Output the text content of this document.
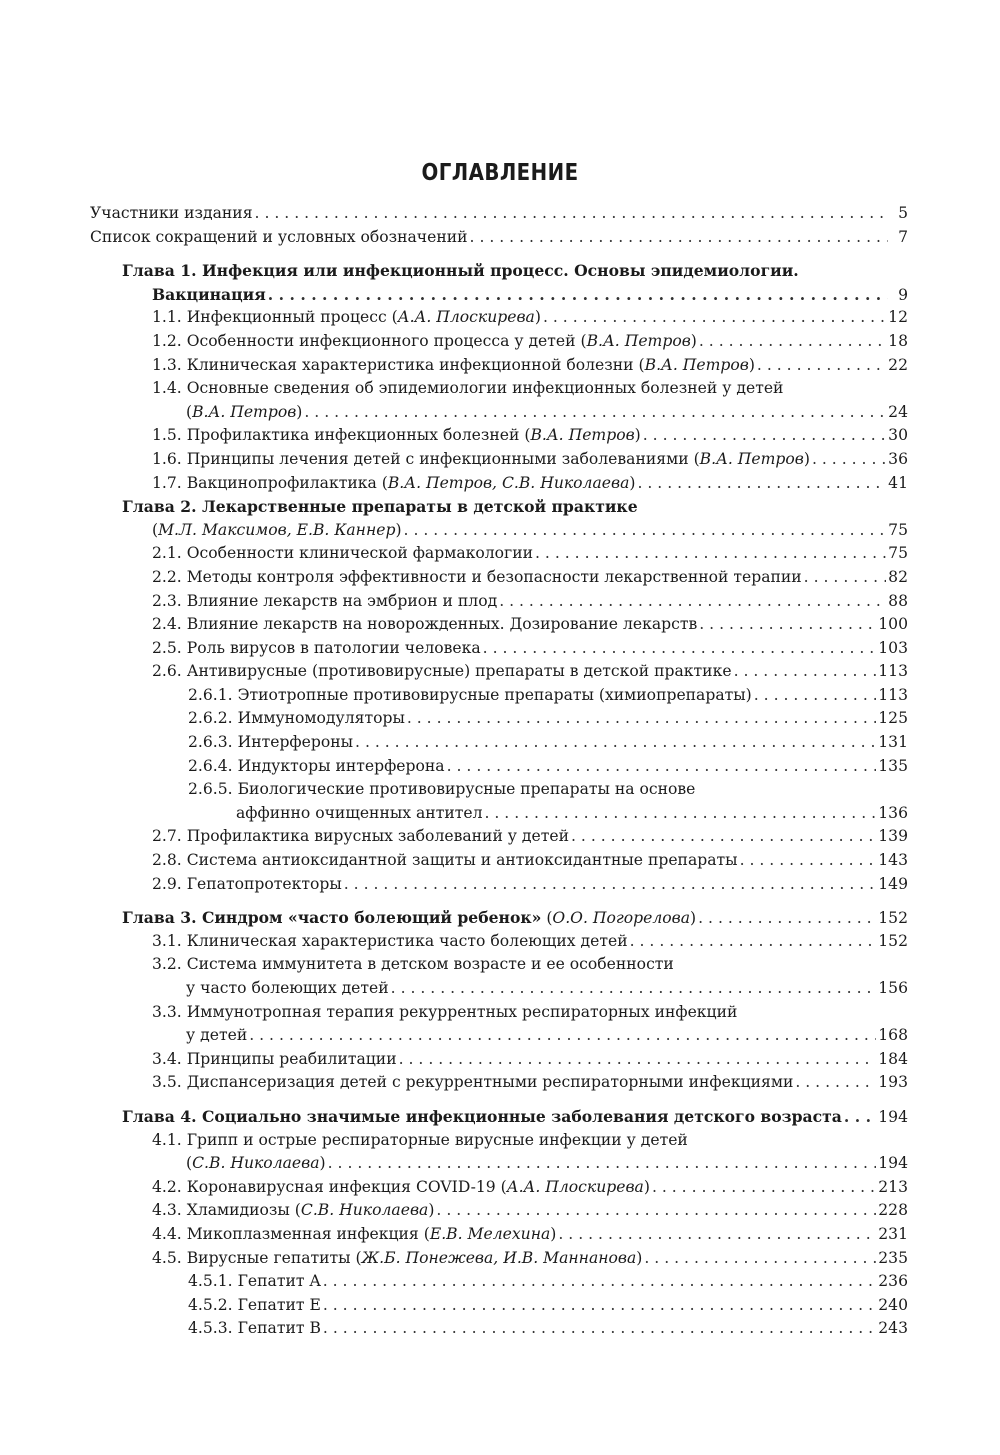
ОГЛАВЛЕНИЕ
Участники издания . . .	5
Список сокращений и условных обозначений . . .	7
Глава 1. Инфекция или инфекционный процесс. Основы эпидемиологии.
Вакцинация . . .	9
1.1. Инфекционный процесс (А.А. Плоскирева) . . .	12
1.2. Особенности инфекционного процесса у детей (В.А. Петров) . . .	18
1.3. Клиническая характеристика инфекционной болезни (В.А. Петров) . . .	22
1.4. Основные сведения об эпидемиологии инфекционных болезней у детей
(В.А. Петров) . . .	24
1.5. Профилактика инфекционных болезней (В.А. Петров) . . .	30
1.6. Принципы лечения детей с инфекционными заболеваниями (В.А. Петров) . . .	36
1.7. Вакцинопрофилактика (В.А. Петров, С.В. Николаева) . . .	41
Глава 2. Лекарственные препараты в детской практике
(М.Л. Максимов, Е.В. Каннер) . . .	75
2.1. Особенности клинической фармакологии . . .	75
2.2. Методы контроля эффективности и безопасности лекарственной терапии . . .	82
2.3. Влияние лекарств на эмбрион и плод . . .	88
2.4. Влияние лекарств на новорожденных. Дозирование лекарств . . .	100
2.5. Роль вирусов в патологии человека . . .	103
2.6. Антивирусные (противовирусные) препараты в детской практике . . .	113
2.6.1. Этиотропные противовирусные препараты (химиопрепараты) . . .	113
2.6.2. Иммуномодуляторы . . .	125
2.6.3. Интерфероны . . .	131
2.6.4. Индукторы интерферона . . .	135
2.6.5. Биологические противовирусные препараты на основе
аффинно очищенных антител . . .	136
2.7. Профилактика вирусных заболеваний у детей . . .	139
2.8. Система антиоксидантной защиты и антиоксидантные препараты . . .	143
2.9. Гепатопротекторы . . .	149
Глава 3. Синдром «часто болеющий ребенок» (О.О. Погорелова) . . .	152
3.1. Клиническая характеристика часто болеющих детей . . .	152
3.2. Система иммунитета в детском возрасте и ее особенности
у часто болеющих детей . . .	156
3.3. Иммунотропная терапия рекуррентных респираторных инфекций
у детей . . .	168
3.4. Принципы реабилитации . . .	184
3.5. Диспансеризация детей с рекуррентными респираторными инфекциями . . .	193
Глава 4. Социально значимые инфекционные заболевания детского возраста . . . 194
4.1. Грипп и острые респираторные вирусные инфекции у детей
(С.В. Николаева) . . .	194
4.2. Коронавирусная инфекция COVID-19 (А.А. Плоскирева) . . .	213
4.3. Хламидиозы (С.В. Николаева) . . .	228
4.4. Микоплазменная инфекция (Е.В. Мелехина) . . .	231
4.5. Вирусные гепатиты (Ж.Б. Понежева, И.В. Маннанова) . . .	235
4.5.1. Гепатит A . . .	236
4.5.2. Гепатит E . . .	240
4.5.3. Гепатит B . . .	243
